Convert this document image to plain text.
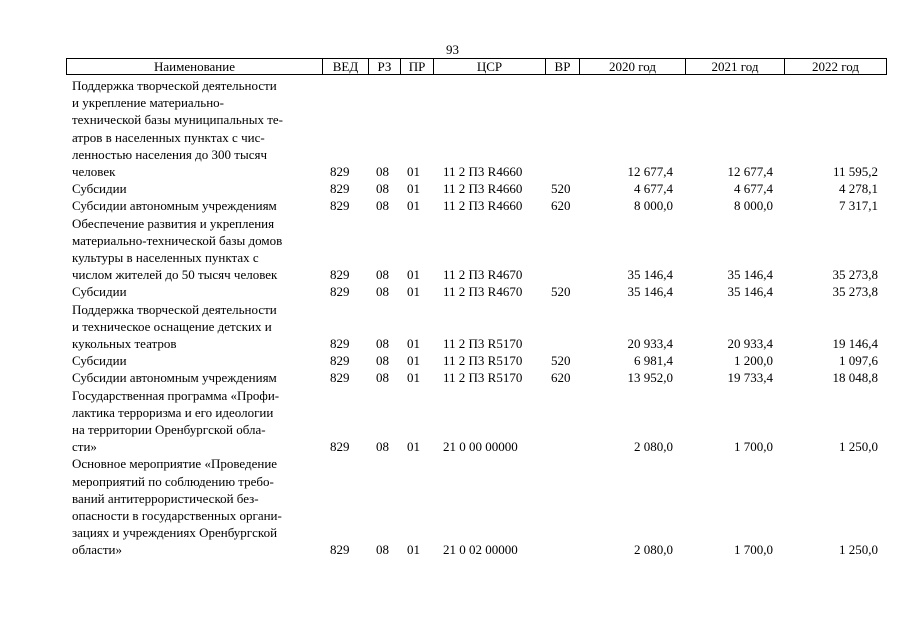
93
Наименование	ВЕД	РЗ	ПР	ЦСР	ВР	2020 год	2021 год	2022 год
Поддержка творческой деятельности
и укрепление материально-
технической базы муниципальных те-
атров в населенных пунктах с чис-
ленностью населения до 300 тысяч
человек	829 08 01 11 2 П3 R4660	12 677,4	12 677,4	11 595,2
Субсидии	829 08 01 11 2 П3 R4660 520	4 677,4	4 677,4	4 278,1
Субсидии автономным учреждениям	829 08 01 11 2 П3 R4660 620	8 000,0	8 000,0	7 317,1
Обеспечение развития и укрепления
материально-технической базы домов
культуры в населенных пунктах с
числом жителей до 50 тысяч человек	829 08 01 11 2 П3 R4670	35 146,4	35 146,4	35 273,8
Субсидии	829 08 01 11 2 П3 R4670 520	35 146,4	35 146,4	35 273,8
Поддержка творческой деятельности
и техническое оснащение детских и
кукольных театров	829 08 01 11 2 П3 R5170	20 933,4	20 933,4	19 146,4
Субсидии	829 08 01 11 2 П3 R5170 520	6 981,4	1 200,0	1 097,6
Субсидии автономным учреждениям	829 08 01 11 2 П3 R5170 620	13 952,0	19 733,4	18 048,8
Государственная программа «Профи-
лактика терроризма и его идеологии
на территории Оренбургской обла-
сти»	829 08 01 21 0 00 00000	2 080,0	1 700,0	1 250,0
Основное мероприятие «Проведение
мероприятий по соблюдению требо-
ваний антитеррористической без-
опасности в государственных органи-
зациях и учреждениях Оренбургской
области»	829 08 01 21 0 02 00000	2 080,0	1 700,0	1 250,0
